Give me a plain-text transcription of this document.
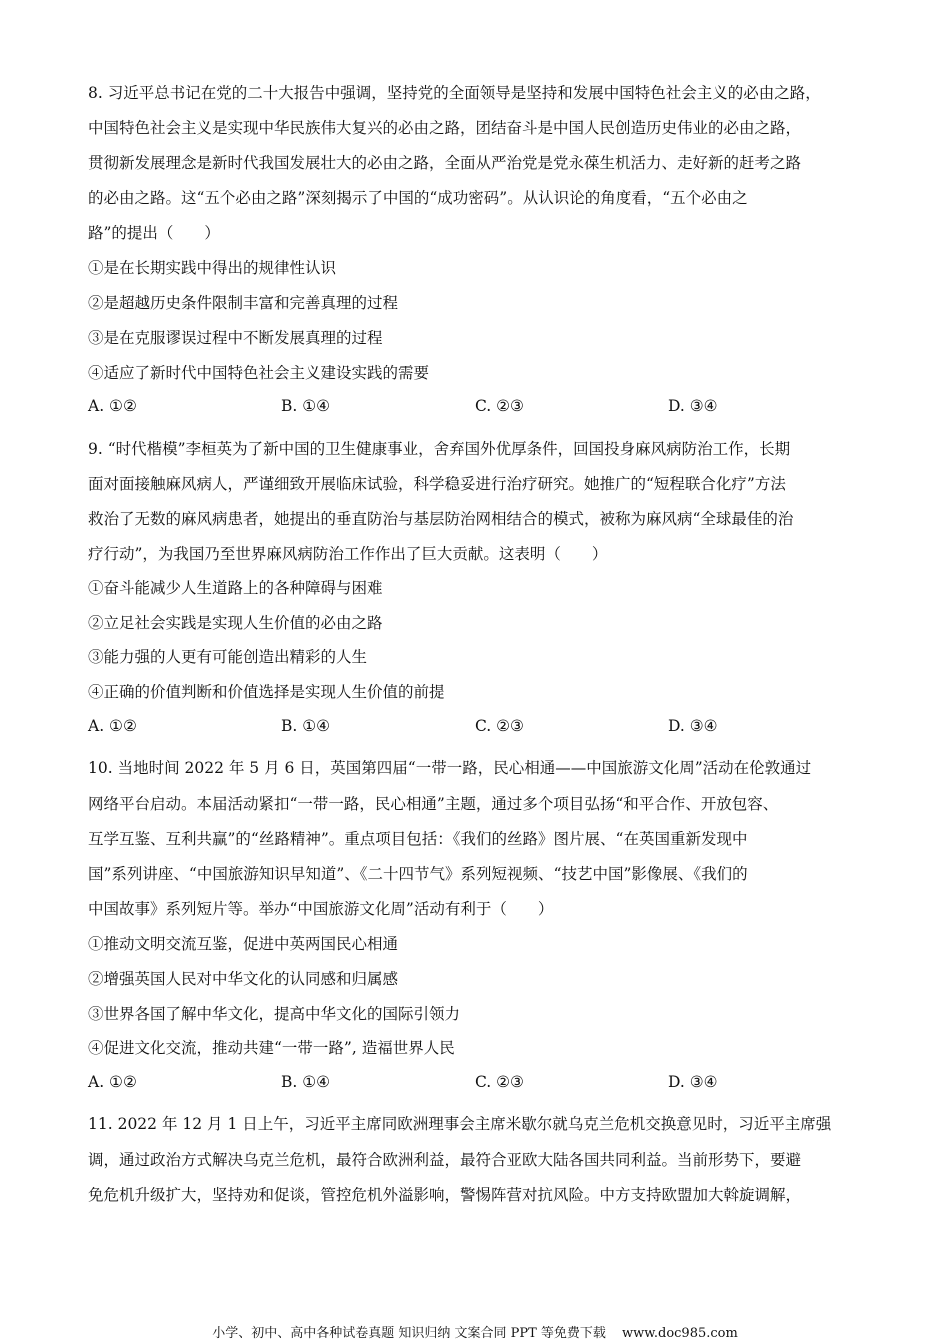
8. 习近平总书记在党的二十大报告中强调，坚持党的全面领导是坚持和发展中国特色社会主义的必由之路，
中国特色社会主义是实现中华民族伟大复兴的必由之路，团结奋斗是中国人民创造历史伟业的必由之路，
贯彻新发展理念是新时代我国发展壮大的必由之路，全面从严治党是党永葆生机活力、走好新的赶考之路
的必由之路。这“五个必由之路”深刻揭示了中国的“成功密码”。从认识论的角度看，“五个必由之
路”的提出（　　）
①是在长期实践中得出的规律性认识
②是超越历史条件限制丰富和完善真理的过程
③是在克服谬误过程中不断发展真理的过程
④适应了新时代中国特色社会主义建设实践的需要
A. ①②	B. ①④	C. ②③	D. ③④
9. “时代楷模”李桓英为了新中国的卫生健康事业，舍弃国外优厚条件，回国投身麻风病防治工作，长期
面对面接触麻风病人，严谨细致开展临床试验，科学稳妥进行治疗研究。她推广的“短程联合化疗”方法
救治了无数的麻风病患者，她提出的垂直防治与基层防治网相结合的模式，被称为麻风病“全球最佳的治
疗行动”，为我国乃至世界麻风病防治工作作出了巨大贡献。这表明（　　）
①奋斗能减少人生道路上的各种障碍与困难
②立足社会实践是实现人生价值的必由之路
③能力强的人更有可能创造出精彩的人生
④正确的价值判断和价值选择是实现人生价值的前提
A. ①②	B. ①④	C. ②③	D. ③④
10. 当地时间 2022 年 5 月 6 日，英国第四届“一带一路，民心相通——中国旅游文化周”活动在伦敦通过
网络平台启动。本届活动紧扣“一带一路，民心相通”主题，通过多个项目弘扬“和平合作、开放包容、
互学互鉴、互利共赢”的“丝路精神”。重点项目包括：《我们的丝路》图片展、“在英国重新发现中
国”系列讲座、“中国旅游知识早知道”、《二十四节气》系列短视频、“技艺中国”影像展、《我们的
中国故事》系列短片等。举办“中国旅游文化周”活动有利于（　　）
①推动文明交流互鉴，促进中英两国民心相通
②增强英国人民对中华文化的认同感和归属感
③世界各国了解中华文化，提高中华文化的国际引领力
④促进文化交流，推动共建“一带一路”, 造福世界人民
A. ①②	B. ①④	C. ②③	D. ③④
11. 2022 年 12 月 1 日上午，习近平主席同欧洲理事会主席米歇尔就乌克兰危机交换意见时，习近平主席强
调，通过政治方式解决乌克兰危机，最符合欧洲利益，最符合亚欧大陆各国共同利益。当前形势下，要避
免危机升级扩大，坚持劝和促谈，管控危机外溢影响，警惕阵营对抗风险。中方支持欧盟加大斡旋调解，
小学、初中、高中各种试卷真题 知识归纳 文案合同 PPT 等免费下载 www.doc985.com
